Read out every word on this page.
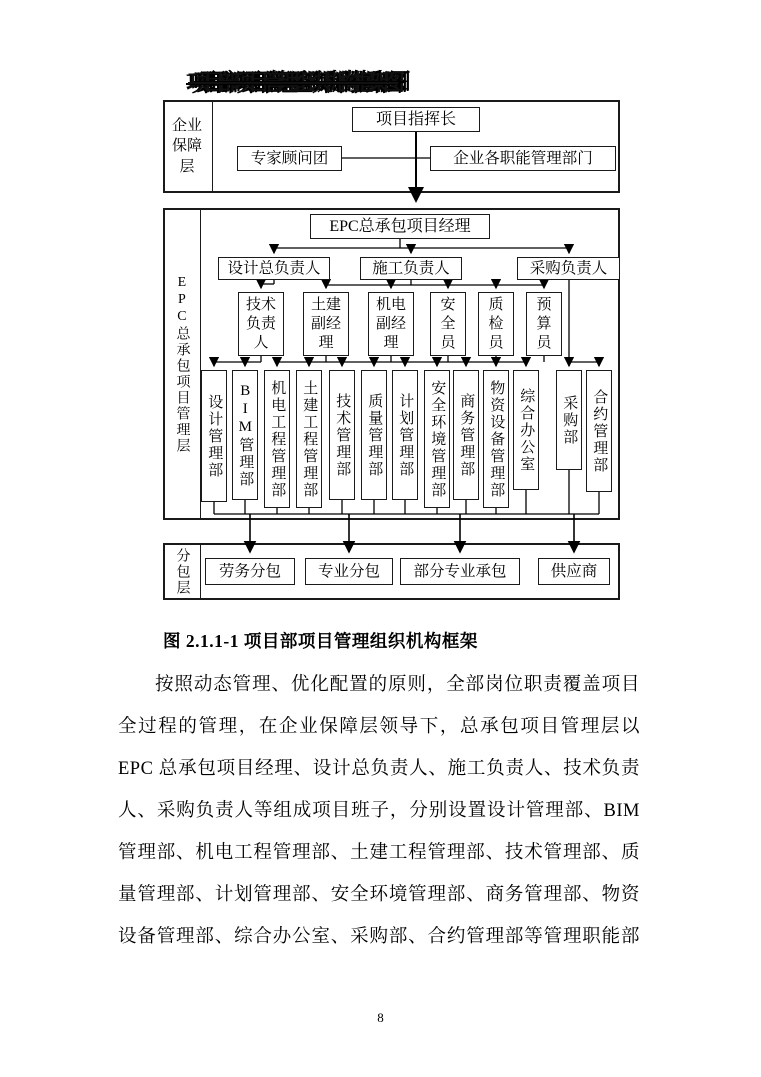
项目部项目管理组织机构框架图
企业保障层
EPC总承包项目管理层
分包层
项目指挥长
专家顾问团	企业各职能管理部门
EPC总承包项目经理
设计总负责人	施工负责人	采购负责人
技术负责人
土建副经理
机电副经理
安全员
质检员
预算员
设计管理部 BIM管理部 机电工程管理部 土建工程管理部 技术管理部 质量管理部 计划管理部 安全环境管理部 商务管理部 物资设备管理部 综合办公室 采购部 合约管理部
劳务分包	专业分包	部分专业承包	供应商
图 2.1.1-1 项目部项目管理组织机构框架
按照动态管理、优化配置的原则，全部岗位职责覆盖项目
全过程的管理，在企业保障层领导下，总承包项目管理层以
EPC 总承包项目经理、设计总负责人、施工负责人、技术负责
人、采购负责人等组成项目班子，分别设置设计管理部、BIM
管理部、机电工程管理部、土建工程管理部、技术管理部、质
量管理部、计划管理部、安全环境管理部、商务管理部、物资
设备管理部、综合办公室、采购部、合约管理部等管理职能部
8
